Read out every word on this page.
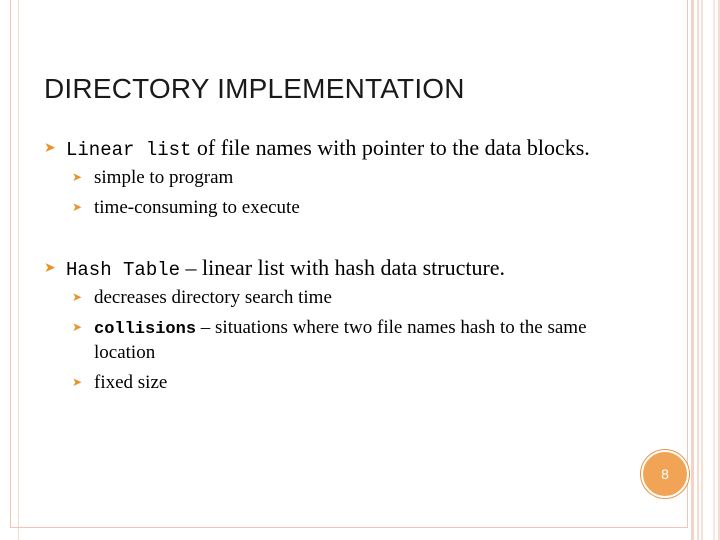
DIRECTORY IMPLEMENTATION
➤ Linear list of file names with pointer to the data blocks.
➤ simple to program
➤ time-consuming to execute
➤ Hash Table – linear list with hash data structure.
➤ decreases directory search time
➤ collisions – situations where two file names hash to the same
location
➤ fixed size
8
